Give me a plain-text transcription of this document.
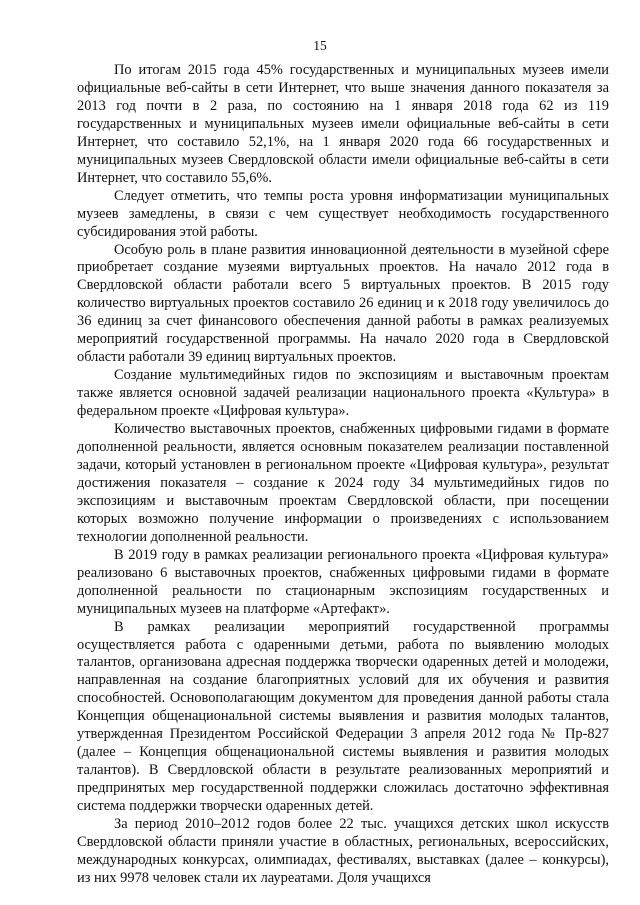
15

По итогам 2015 года 45% государственных и муниципальных музеев имели официальные веб-сайты в сети Интернет, что выше значения данного показателя за 2013 год почти в 2 раза, по состоянию на 1 января 2018 года 62 из 119 государственных и муниципальных музеев имели официальные веб-сайты в сети Интернет, что составило 52,1%, на 1 января 2020 года 66 государственных и муниципальных музеев Свердловской области имели официальные веб-сайты в сети Интернет, что составило 55,6%.

Следует отметить, что темпы роста уровня информатизации муниципальных музеев замедлены, в связи с чем существует необходимость государственного субсидирования этой работы.

Особую роль в плане развития инновационной деятельности в музейной сфере приобретает создание музеями виртуальных проектов. На начало 2012 года в Свердловской области работали всего 5 виртуальных проектов. В 2015 году количество виртуальных проектов составило 26 единиц и к 2018 году увеличилось до 36 единиц за счет финансового обеспечения данной работы в рамках реализуемых мероприятий государственной программы. На начало 2020 года в Свердловской области работали 39 единиц виртуальных проектов.

Создание мультимедийных гидов по экспозициям и выставочным проектам также является основной задачей реализации национального проекта «Культура» в федеральном проекте «Цифровая культура».

Количество выставочных проектов, снабженных цифровыми гидами в формате дополненной реальности, является основным показателем реализации поставленной задачи, который установлен в региональном проекте «Цифровая культура», результат достижения показателя – создание к 2024 году 34 мультимедийных гидов по экспозициям и выставочным проектам Свердловской области, при посещении которых возможно получение информации о произведениях с использованием технологии дополненной реальности.

В 2019 году в рамках реализации регионального проекта «Цифровая культура» реализовано 6 выставочных проектов, снабженных цифровыми гидами в формате дополненной реальности по стационарным экспозициям государственных и муниципальных музеев на платформе «Артефакт».

В рамках реализации мероприятий государственной программы осуществляется работа с одаренными детьми, работа по выявлению молодых талантов, организована адресная поддержка творчески одаренных детей и молодежи, направленная на создание благоприятных условий для их обучения и развития способностей. Основополагающим документом для проведения данной работы стала Концепция общенациональной системы выявления и развития молодых талантов, утвержденная Президентом Российской Федерации 3 апреля 2012 года № Пр-827 (далее – Концепция общенациональной системы выявления и развития молодых талантов). В Свердловской области в результате реализованных мероприятий и предпринятых мер государственной поддержки сложилась достаточно эффективная система поддержки творчески одаренных детей.

За период 2010–2012 годов более 22 тыс. учащихся детских школ искусств Свердловской области приняли участие в областных, региональных, всероссийских, международных конкурсах, олимпиадах, фестивалях, выставках (далее – конкурсы), из них 9978 человек стали их лауреатами. Доля учащихся
